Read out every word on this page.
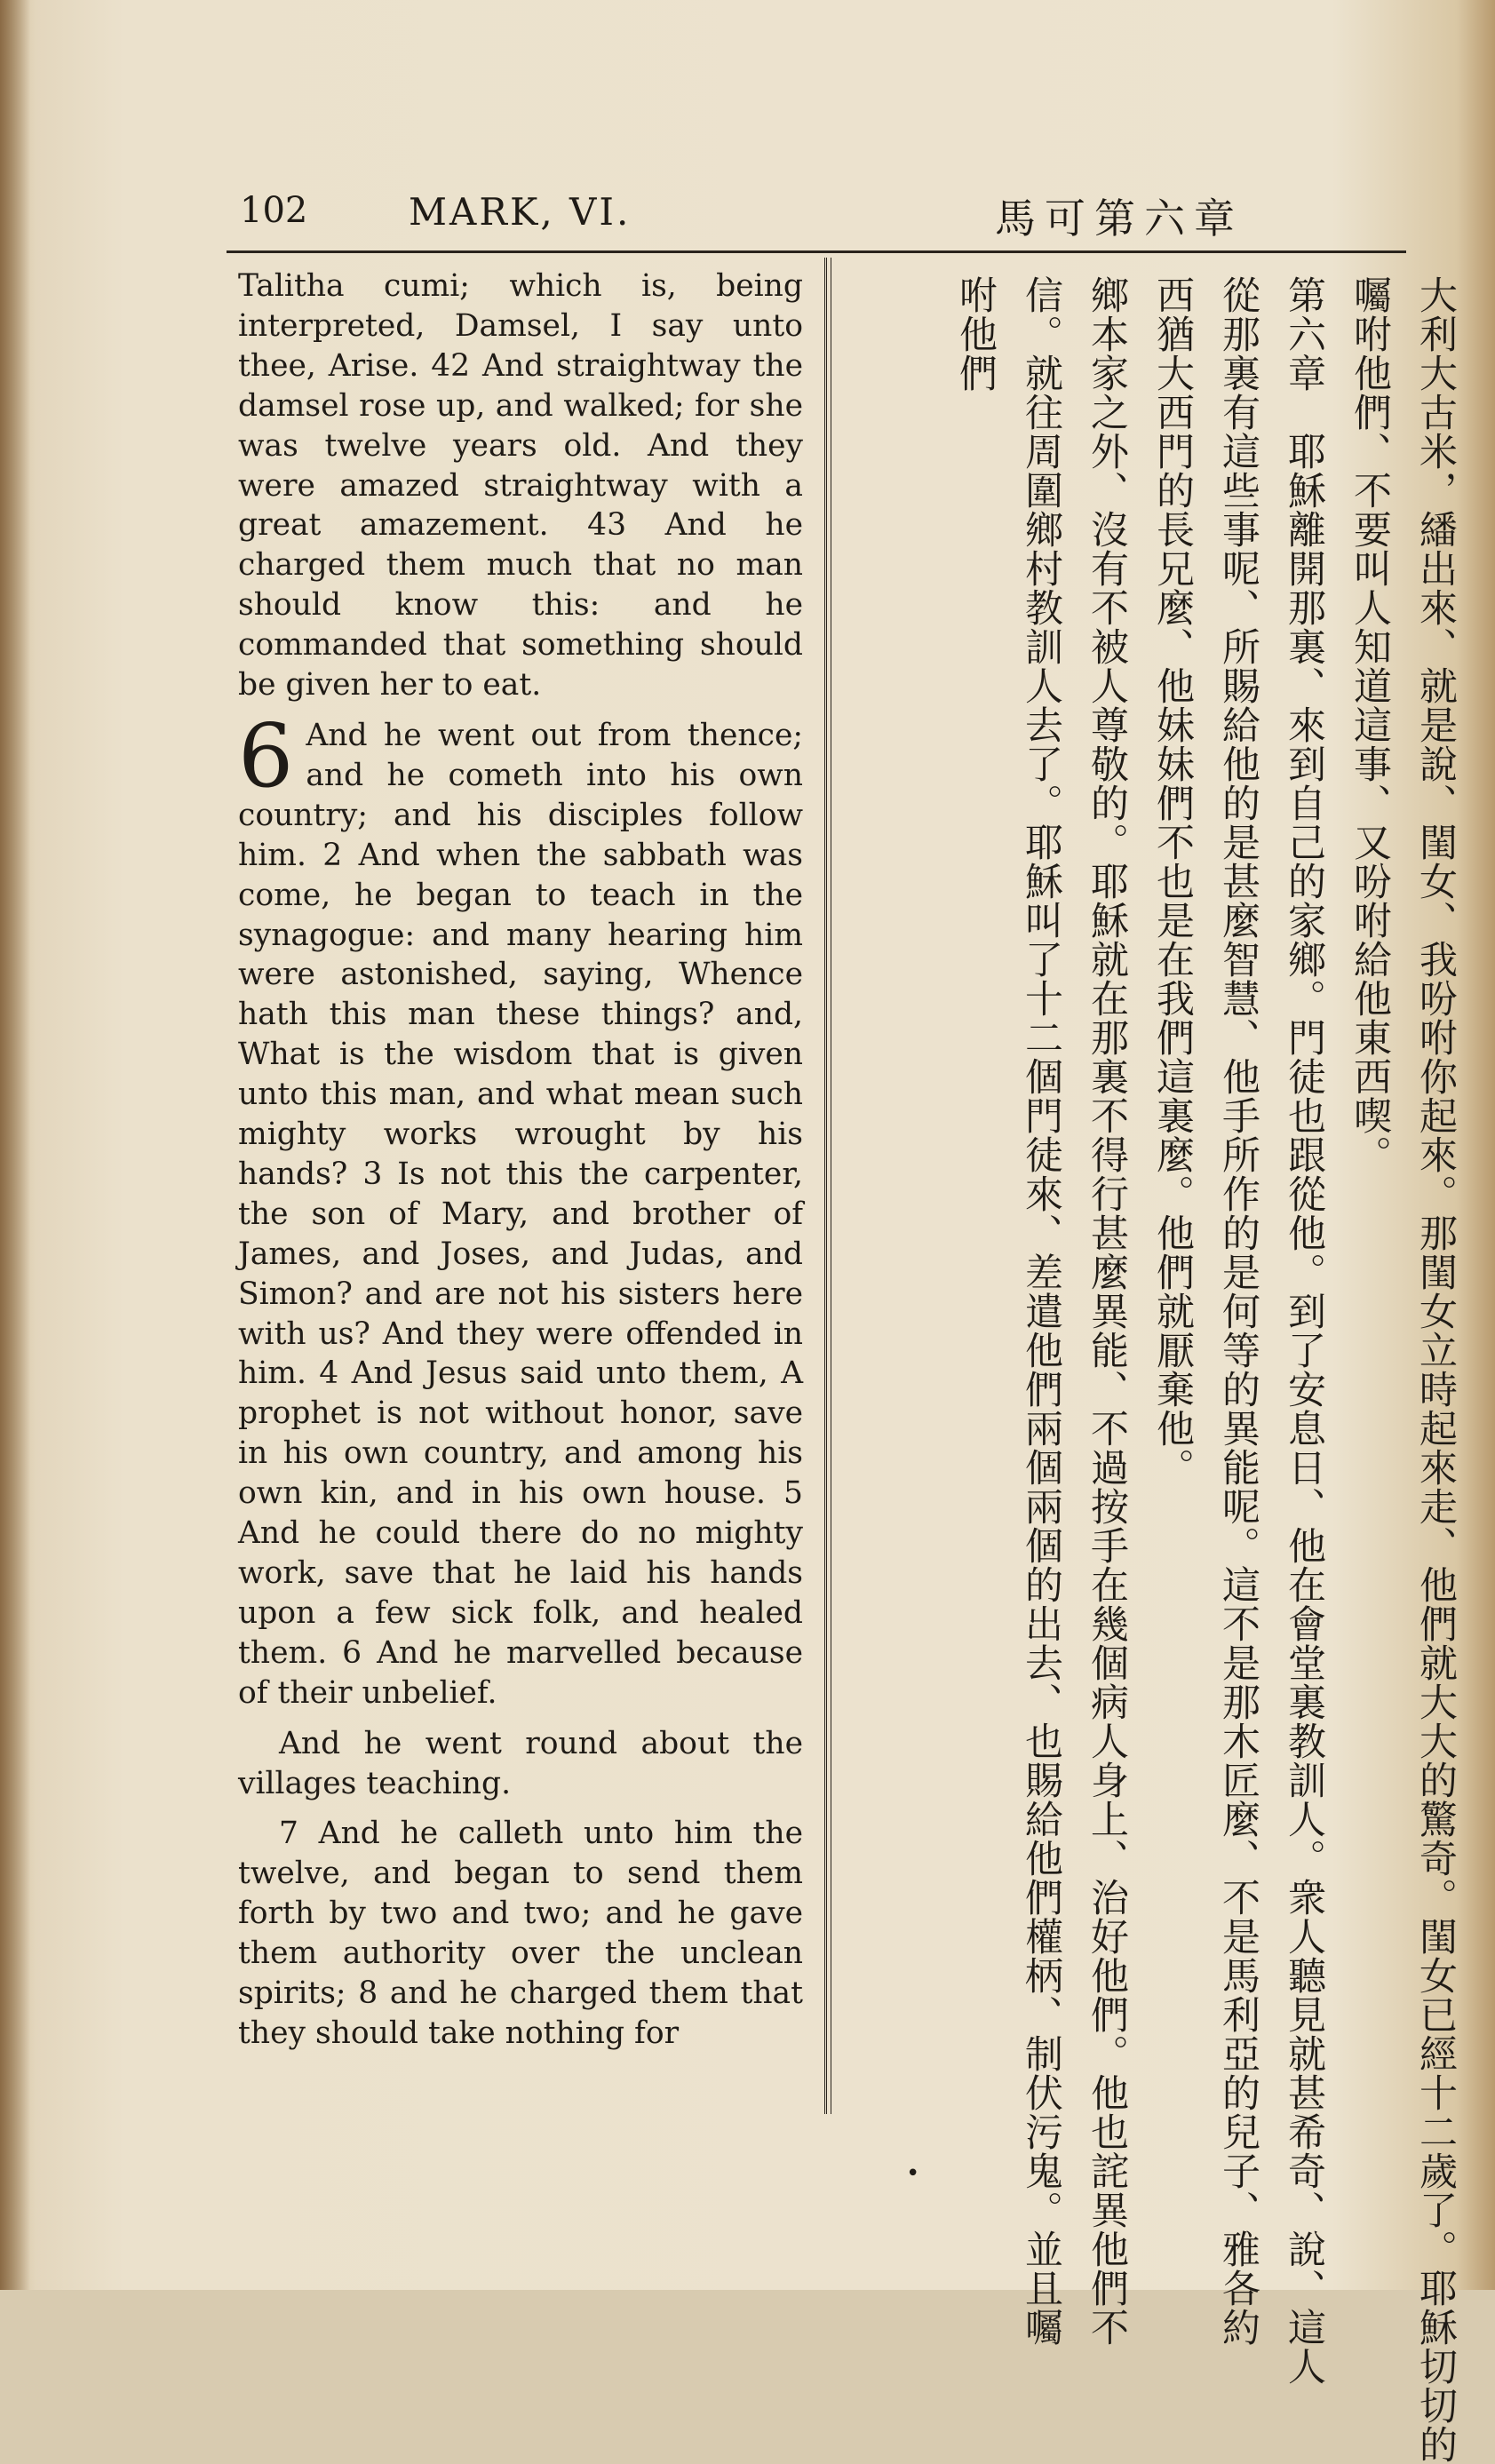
102	MARK, VI.	馬可第六章

Talitha cumi; which is, being interpreted, Damsel, I say unto thee, Arise. 42 And straightway the damsel rose up, and walked; for she was twelve years old. And they were amazed straightway with a great amazement. 43 And he charged them much that no man should know this: and he commanded that something should be given her to eat.

6 And he went out from thence; and he cometh into his own country; and his disciples follow him. 2 And when the sabbath was come, he began to teach in the synagogue: and many hearing him were astonished, saying, Whence hath this man these things? and, What is the wisdom that is given unto this man, and what mean such mighty works wrought by his hands? 3 Is not this the carpenter, the son of Mary, and brother of James, and Joses, and Judas, and Simon? and are not his sisters here with us? And they were offended in him. 4 And Jesus said unto them, A prophet is not without honor, save in his own country, and among his own kin, and in his own house. 5 And he could there do no mighty work, save that he laid his hands upon a few sick folk, and healed them. 6 And he marvelled because of their unbelief.

And he went round about the villages teaching.

7 And he calleth unto him the twelve, and began to send them forth by two and two; and he gave them authority over the unclean spirits; 8 and he charged them that they should take nothing for	大利大古米，繙出來、就是說、閨女、我吩咐你起來。那閨女立時起來走、他們就大大的驚奇。閨女已經十二歲了。耶穌切切的
囑咐他們、不要叫人知道這事、又吩咐給他東西喫。
第六章　耶穌離開那裏、來到自己的家鄉。門徒也跟從他。到了安息日、他在會堂裏教訓人。衆人聽見就甚希奇、說、這人
從那裏有這些事呢、所賜給他的是甚麼智慧、他手所作的是何等的異能呢。這不是那木匠麼、不是馬利亞的兒子、雅各約
西猶大西門的長兄麼、他妹妹們不也是在我們這裏麼。他們就厭棄他。
鄉本家之外、沒有不被人尊敬的。耶穌就在那裏不得行甚麼異能、不過按手在幾個病人身上、治好他們。他也詫異他們不
信。就往周圍鄉村教訓人去了。耶穌叫了十二個門徒來、差遣他們兩個兩個的出去、也賜給他們權柄、制伏污鬼。並且囑
咐他們
•
